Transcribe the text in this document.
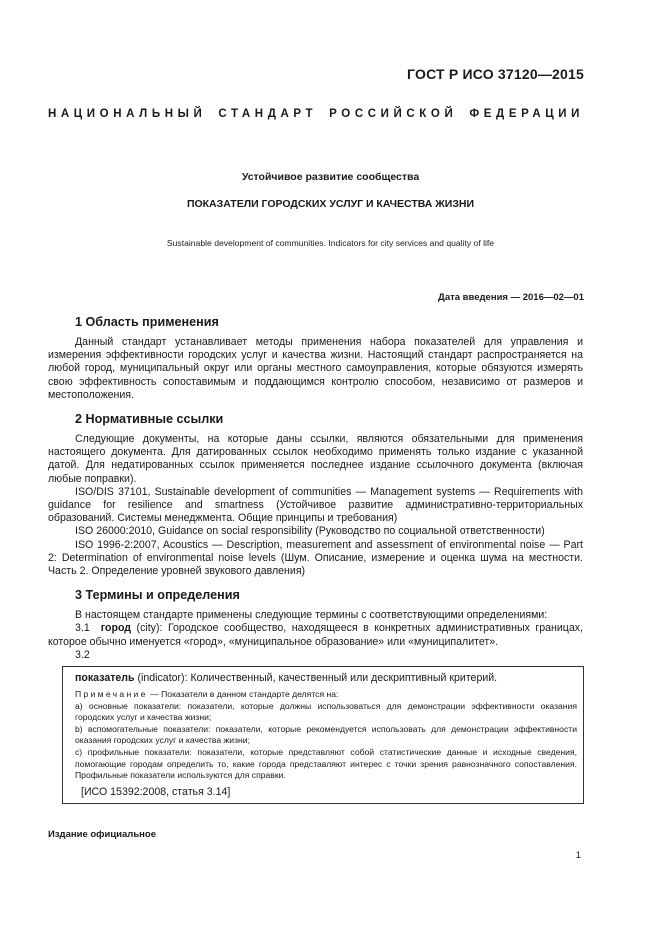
ГОСТ Р ИСО 37120—2015
НАЦИОНАЛЬНЫЙ СТАНДАРТ РОССИЙСКОЙ ФЕДЕРАЦИИ
Устойчивое развитие сообщества
ПОКАЗАТЕЛИ ГОРОДСКИХ УСЛУГ И КАЧЕСТВА ЖИЗНИ
Sustainable development of communities. Indicators for city services and quality of life
Дата введения — 2016—02—01
1 Область применения

Данный стандарт устанавливает методы применения набора показателей для управления и измерения эффективности городских услуг и качества жизни. Настоящий стандарт распространяется на любой город, муниципальный округ или органы местного самоуправления, которые обязуются измерять свою эффективность сопоставимым и поддающимся контролю способом, независимо от размеров и местоположения.

2 Нормативные ссылки

Следующие документы, на которые даны ссылки, являются обязательными для применения настоящего документа. Для датированных ссылок необходимо применять только издание с указанной датой. Для недатированных ссылок применяется последнее издание ссылочного документа (включая любые поправки).

ISO/DIS 37101, Sustainable development of communities — Management systems — Requirements with guidance for resilience and smartness (Устойчивое развитие административно-территориальных образований. Системы менеджмента. Общие принципы и требования)

ISO 26000:2010, Guidance on social responsibility (Руководство по социальной ответственности)

ISO 1996-2:2007, Acoustics — Description, measurement and assessment of environmental noise — Part 2: Determination of environmental noise levels (Шум. Описание, измерение и оценка шума на местности. Часть 2. Определение уровней звукового давления)

3 Термины и определения

В настоящем стандарте применены следующие термины с соответствующими определениями:

3.1 город (city): Городское сообщество, находящееся в конкретных административных границах, которое обычно именуется «город», «муниципальное образование» или «муниципалитет».

3.2

показатель (indicator): Количественный, качественный или дескриптивный критерий.
Примечание — Показатели в данном стандарте делятся на:
а) основные показатели: показатели, которые должны использоваться для демонстрации эффективности оказания городских услуг и качества жизни;
b) вспомогательные показатели: показатели, которые рекомендуется использовать для демонстрации эффективности оказания городских услуг и качества жизни;
с) профильные показатели: показатели, которые представляют собой статистические данные и исходные сведения, помогающие городам определить то, какие города представляют интерес с точки зрения равнозначного сопоставления. Профильные показатели используются для справки.
[ИСО 15392:2008, статья 3.14]
Издание официальное
1
